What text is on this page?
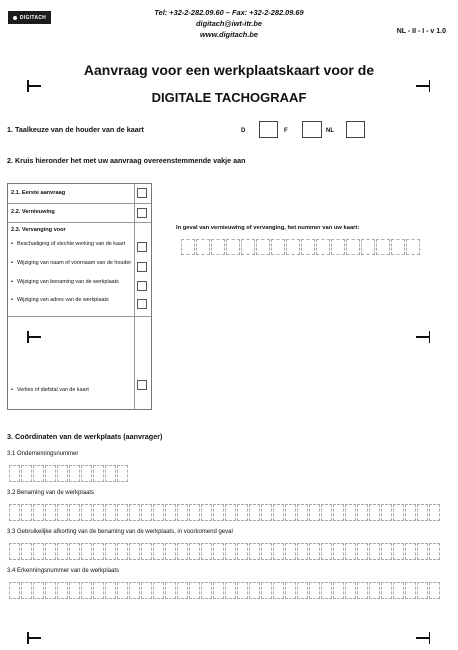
DIGITACH
Tel: +32-2-282.09.60 – Fax: +32-2-282.09.69
digitach@iwt-itr.be
www.digitach.be	NL - II - I - v 1.0
Aanvraag voor een werkplaatskaart voor de
DIGITALE TACHOGRAAF
1. Taalkeuze van de houder van de kaart	D	F	NL
2. Kruis hieronder het met uw aanvraag overeenstemmende vakje aan
2.1. Eerste aanvraag
2.2. Vernieuwing
2.3. Vervanging voor
▪ Beschadiging of slechte werking van de kaart
▪ Wijziging van naam of voornaam van de houder
▪ Wijziging van benaming van de werkplaats
▪ Wijziging van adres van de werkplaats
▪ Verlies of diefstal van de kaart
In geval van vernieuwing of vervanging, het nummer van uw kaart:
3. Coördinaten van de werkplaats (aanvrager)
3.1 Ondernemingsnummer
3.2 Benaming van de werkplaats
3.3 Gebruikelijke afkorting van de benaming van de werkplaats, in voorkomend geval
3.4 Erkenningsnummer van de werkplaats
